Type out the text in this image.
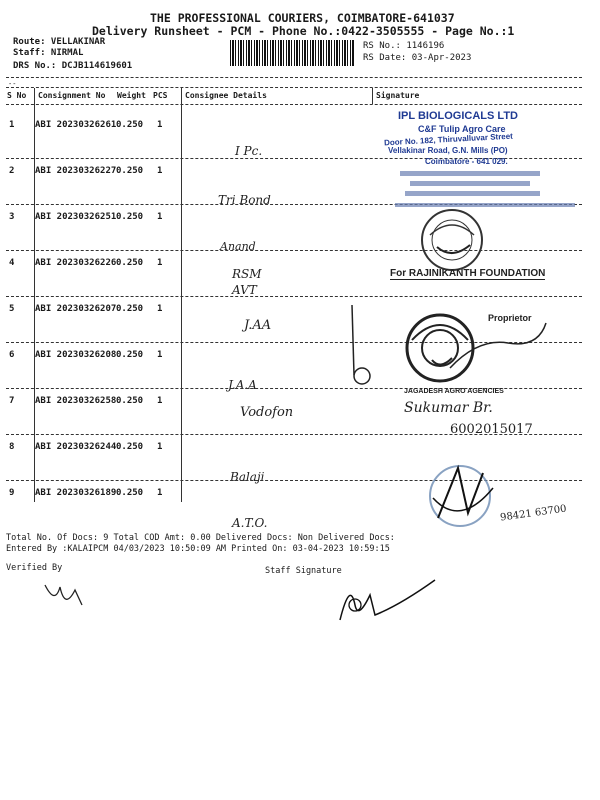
THE PROFESSIONAL COURIERS, COIMBATORE-641037
Delivery Runsheet - PCM - Phone No.:0422-3505555 - Page No.:1
Route: VELLAKINAR
Staff: NIRMAL
DRS No.: DCJB114619601
RS No.: 1146196
RS Date: 03-Apr-2023
--
S No Consignment No Weight PCS Consignee Details	Signature
1 ABI 20230326261 0.250 1
I Pc.
2 ABI 20230326227 0.250 1
Tri Bond
3 ABI 20230326251 0.250 1
Anand
4 ABI 20230326226 0.250 1
RSM AVT
5 ABI 20230326207 0.250 1
J.AA
6 ABI 20230326208 0.250 1
J.A.A
7 ABI 20230326258 0.250 1
Vodofon
8 ABI 20230326244 0.250 1
Balaji
9 ABI 20230326189 0.250 1
A.T.O.
IPL BIOLOGICALS LTD
C&F Tulip Agro Care
Door No. 182, Thiruvalluvar Street
Vellakinar Road, G.N. Mills (PO)
Coimbatore - 641 029.
For RAJINIKANTH FOUNDATION
JAGADESH AGRO AGENCIES
Proprietor
Sukumar Br.
6002015017
98421 63700
Total No. Of Docs: 9 Total COD Amt: 0.00 Delivered Docs: Non Delivered Docs:
Entered By :KALAIPCM 04/03/2023 10:50:09 AM Printed On: 03-04-2023 10:59:15
Verified By	Staff Signature
